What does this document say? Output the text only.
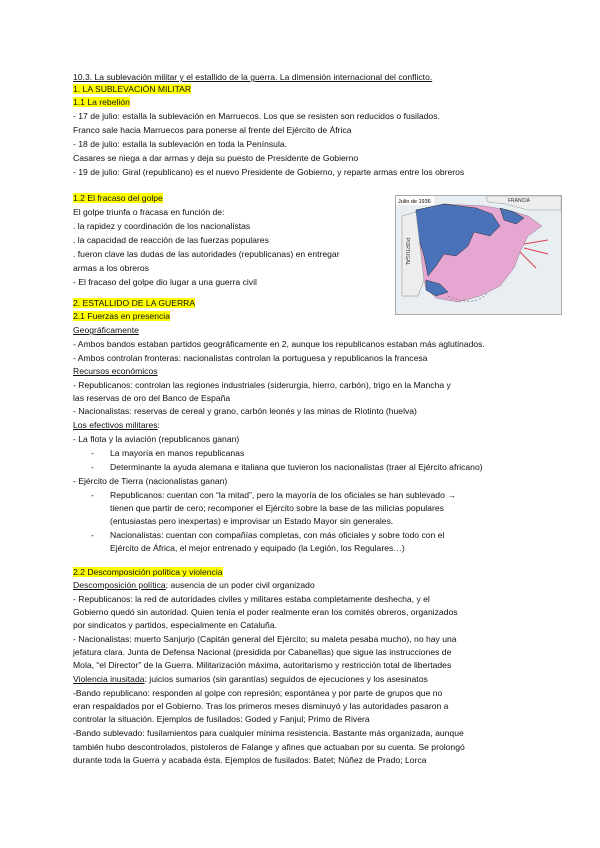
10.3. La sublevación militar y el estallido de la guerra. La dimensión internacional del conflicto.
1. LA SUBLEVACIÓN MILITAR
1.1 La rebelión
- 17 de julio: estalla la sublevación en Marruecos. Los que se resisten son reducidos o fusilados.
Franco sale hacia Marruecos para ponerse al frente del Ejército de África
- 18 de julio: estalla la sublevación en toda la Península.
Casares se niega a dar armas y deja su puesto de Presidente de Gobierno
- 19 de julio: Giral (republicano) es el nuevo Presidente de Gobierno, y reparte armas entre los obreros
1.2 El fracaso del golpe
El golpe triunfa o fracasa en función de:
. la rapidez y coordinación de los nacionalistas
. la capacidad de reacción de las fuerzas populares
. fueron clave las dudas de las autoridades (republicanas) en entregar
armas a los obreros
- El fracaso del golpe dio lugar a una guerra civil
Julio de 1936	FRANCIA
PORTUGAL
2. ESTALLIDO DE LA GUERRA
2.1 Fuerzas en presencia
Geográficamente
- Ambos bandos estaban partidos geográficamente en 2, aunque los republicanos estaban más aglutinados.
- Ambos controlan fronteras: nacionalistas controlan la portuguesa y republicanos la francesa
Recursos económicos
- Republicanos: controlan las regiones industriales (siderurgia, hierro, carbón), trigo en la Mancha y
las reservas de oro del Banco de España
- Nacionalistas: reservas de cereal y grano, carbón leonés y las minas de Riotinto (huelva)
Los efectivos militares:
- La flota y la aviación (republicanos ganan)
- La mayoría en manos republicanas
- Determinante la ayuda alemana e italiana que tuvieron los nacionalistas (traer al Ejército africano)
- Ejército de Tierra (nacionalistas ganan)
- Republicanos: cuentan con “la mitad”, pero la mayoría de los oficiales se han sublevado →
tienen que partir de cero; recomponer el Ejército sobre la base de las milicias populares
(entusiastas pero inexpertas) e improvisar un Estado Mayor sin generales.
- Nacionalistas: cuentan con compañías completas, con más oficiales y sobre todo con el
Ejército de África, el mejor entrenado y equipado (la Legión, los Regulares…)
2.2 Descomposición política y violencia
Descomposición política; ausencia de un poder civil organizado
- Republicanos: la red de autoridades civiles y militares estaba completamente deshecha, y el
Gobierno quedó sin autoridad. Quien tenía el poder realmente eran los comités obreros, organizados
por sindicatos y partidos, especialmente en Cataluña.
- Nacionalistas: muerto Sanjurjo (Capitán general del Ejército; su maleta pesaba mucho), no hay una
jefatura clara. Junta de Defensa Nacional (presidida por Cabanellas) que sigue las instrucciones de
Mola, “el Director” de la Guerra. Militarización máxima, autoritarismo y restricción total de libertades
Violencia inusitada: juicios sumarios (sin garantías) seguidos de ejecuciones y los asesinatos
-Bando republicano: responden al golpe con represión; espontánea y por parte de grupos que no
eran respaldados por el Gobierno. Tras los primeros meses disminuyó y las autoridades pasaron a
controlar la situación. Ejemplos de fusilados: Goded y Fanjul; Primo de Rivera
-Bando sublevado: fusilamientos para cualquier mínima resistencia. Bastante más organizada, aunque
también hubo descontrolados, pistoleros de Falange y afines que actuaban por su cuenta. Se prolongó
durante toda la Guerra y acabada ésta. Ejemplos de fusilados: Batet; Núñez de Prado; Lorca
